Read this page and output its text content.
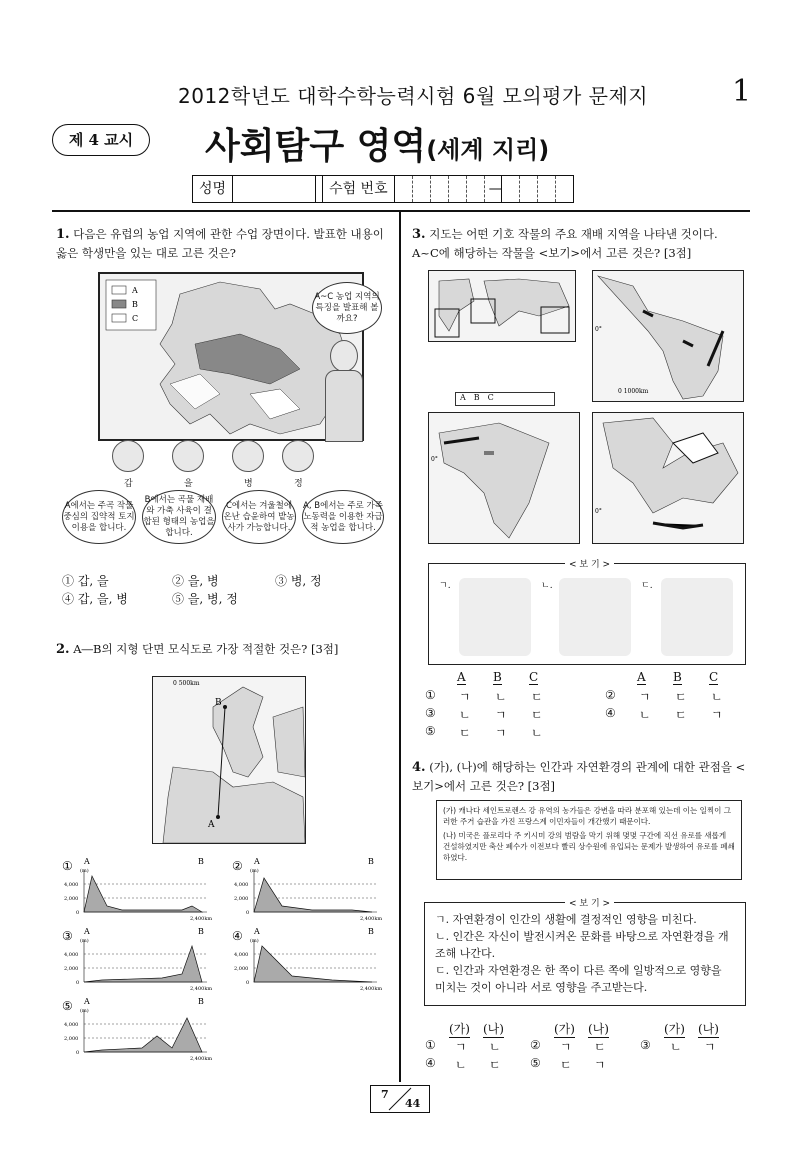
2012학년도 대학수학능력시험 6월 모의평가 문제지	1
제 4 교시	사회탐구 영역(세계 지리)
성명	수험 번호	—
1. 다음은 유럽의 농업 지역에 관한 수업 장면이다. 발표한 내용이 옳은 학생만을 있는 대로 고른 것은?
A
B
C
A~C 농업 지역의 특징을 발표해 볼까요?
갑	을	병	정
A에서는 주곡 작물 중심의 집약적 토지 이용을 합니다.
B에서는 곡물 재배와 가축 사육이 결합된 형태의 농업을 합니다.
C에서는 겨울철에 온난 습윤하여 밭농사가 가능합니다.
A, B에서는 주로 가족 노동력을 이용한 자급적 농업을 합니다.
① 갑, 을	② 을, 병	③ 병, 정
④ 갑, 을, 병	⑤ 을, 병, 정
2. A―B의 지형 단면 모식도로 가장 적절한 것은? [3점]
0 500km
B
A
① A	B
(m)
4,000
2,000
0
2,400km
② A	B
(m)
4,000
2,000
0
2,400km
③ A	B
(m)
4,000
2,000
0
2,400km
④ A	B
(m)
4,000
2,000
0
2,400km
⑤ A	B
(m)
4,000
2,000
0
2,400km
3. 지도는 어떤 기호 작물의 주요 재배 지역을 나타낸 것이다. A~C에 해당하는 작물을 <보기>에서 고른 것은? [3점]
0°
0 1000km
A B C
0°
0°
< 보 기 >
ㄱ.	ㄴ.	ㄷ.
A B C	A B C
① ㄱ ㄴ ㄷ	② ㄱ ㄷ ㄴ
③ ㄴ ㄱ ㄷ	④ ㄴ ㄷ ㄱ
⑤ ㄷ ㄱ ㄴ
4. (가), (나)에 해당하는 인간과 자연환경의 관계에 대한 관점을 <보기>에서 고른 것은? [3점]
(가) 캐나다 세인트로렌스 강 유역의 농가들은 강변을 따라 분포해 있는데 이는 일찍이 그러한 주거 습관을 가진 프랑스계 이민자들이 개간했기 때문이다.
(나) 미국은 플로리다 주 키시미 강의 범람을 막기 위해 몇몇 구간에 직선 유로를 새롭게 건설하였지만 축산 폐수가 이전보다 빨리 상수원에 유입되는 문제가 발생하여 유로를 폐쇄하였다.
< 보 기 >
ㄱ. 자연환경이 인간의 생활에 결정적인 영향을 미친다.
ㄴ. 인간은 자신이 발전시켜온 문화를 바탕으로 자연환경을 개조해 나간다.
ㄷ. 인간과 자연환경은 한 쪽이 다른 쪽에 일방적으로 영향을 미치는 것이 아니라 서로 영향을 주고받는다.
(가) (나)	(가) (나)	(가) (나)
① ㄱ ㄴ ② ㄱ ㄷ	③ ㄴ ㄱ
④ ㄴ ㄷ ⑤ ㄷ ㄱ
7
44
